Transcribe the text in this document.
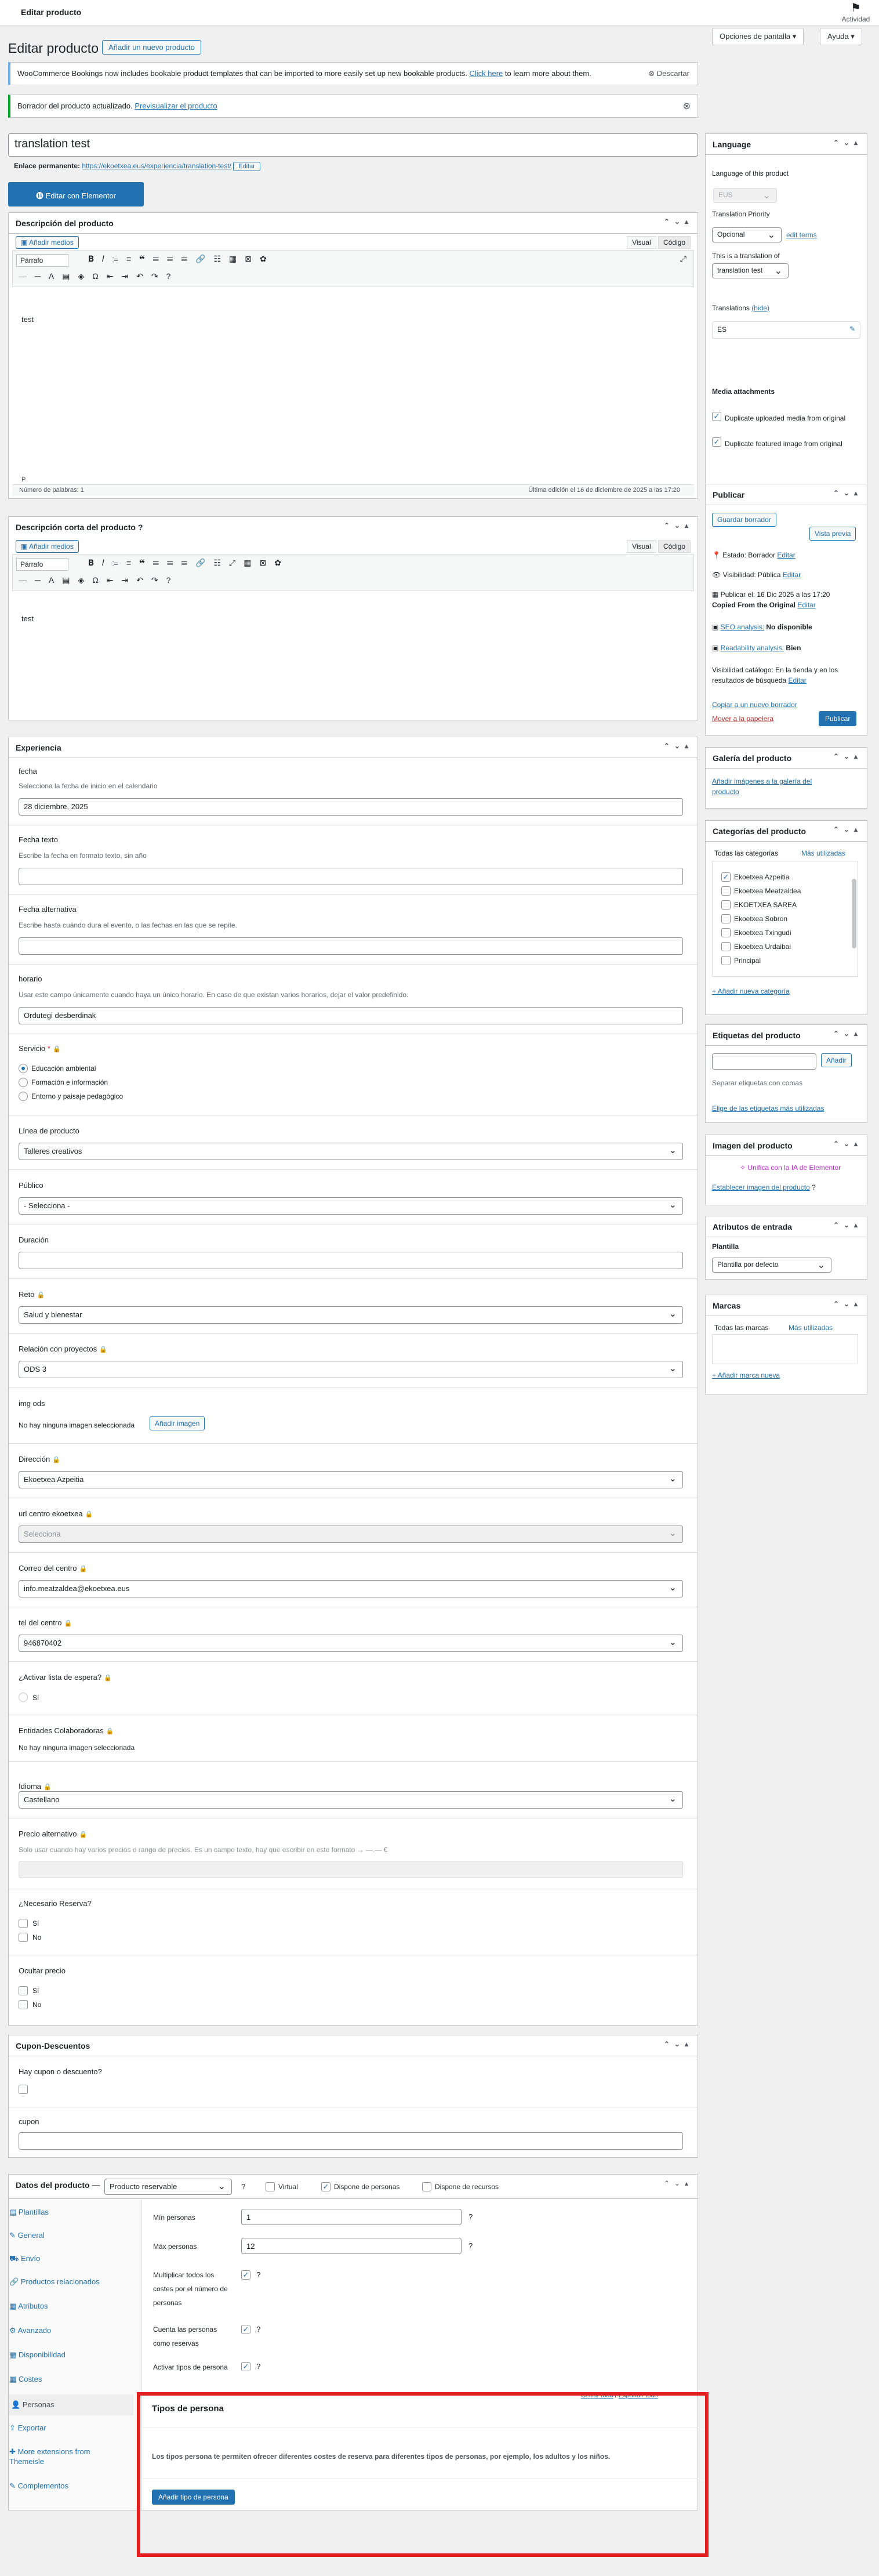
Editar producto	⚑
Actividad
Opciones de pantalla ▾	Ayuda ▾
Editar producto	Añadir un nuevo producto
WooCommerce Bookings now includes bookable product templates that can be imported to more easily set up new bookable products. Click here to learn more about them.	⊗ Descartar
Borrador del producto actualizado. Previsualizar el producto	⊗
translation test
Enlace permanente: https://ekoetxea.eus/experiencia/translation-test/ Editar
⓮ Editar con Elementor
Descripción del producto	⌃⌄▴
▣ Añadir medios	Visual Código
Párrafo	𝐁𝐼≔≡❝☰☰☰🔗☷▦⊠✿
―─A▤◈Ω⇤⇥↶↷?
⤢
test
P
Número de palabras: 1	Última edición el 16 de diciembre de 2025 a las 17:20
Descripción corta del producto ?	⌃⌄▴
▣ Añadir medios	Visual Código
Párrafo	𝐁𝐼≔≡❝☰☰☰🔗☷⤢▦⊠✿
―─A▤◈Ω⇤⇥↶↷?
test
Experiencia	⌃⌄▴
fecha
Selecciona la fecha de inicio en el calendario
28 diciembre, 2025
Fecha texto
Escribe la fecha en formato texto, sin año
Fecha alternativa
Escribe hasta cuándo dura el evento, o las fechas en las que se repite.
horario
Usar este campo únicamente cuando haya un único horario. En caso de que existan varios horarios, dejar el valor predefinido.
Ordutegi desberdinak
Servicio * 🔒
Educación ambiental
Formación e información
Entorno y paisaje pedagógico
Línea de producto
Talleres creativos ⌄
Público
- Selecciona - ⌄
Duración
Reto 🔒
Salud y bienestar ⌄
Relación con proyectos 🔒
ODS 3 ⌄
img ods
No hay ninguna imagen seleccionada	Añadir imagen
Dirección 🔒
Ekoetxea Azpeitia ⌄
url centro ekoetxea 🔒
Selecciona ⌄
Correo del centro 🔒
info.meatzaldea@ekoetxea.eus ⌄
tel del centro 🔒
946870402 ⌄
¿Activar lista de espera? 🔒
Sí
Entidades Colaboradoras 🔒
No hay ninguna imagen seleccionada
Idioma 🔒
Castellano ⌄
Precio alternativo 🔒
Solo usar cuando hay varios precios o rango de precios. Es un campo texto, hay que escribir en este formato → —.— €
¿Necesario Reserva?
Sí
No
Ocultar precio
Sí
No
Cupon-Descuentos	⌃⌄▴
Hay cupon o descuento?
cupon
Datos del producto —	⌃⌄▴
Producto reservable ⌄	?	Virtual	✓ Dispone de personas	Dispone de recursos
▤ Plantillas
✎ General
⛟ Envío
🔗 Productos relacionados
▦ Atributos
⚙ Avanzado
▦ Disponibilidad
▦ Costes
👤 Personas
⇪ Exportar
✚ More extensions from Themeisle
✎ Complementos
Mín personas	1	?
Máx personas	12	?
Multiplicar todos los costes por el número de personas
✓ ?
Cuenta las personas como reservas
✓ ?
Activar tipos de persona ✓ ?
Cerrar todo / Expandir todo
Tipos de persona
Los tipos persona te permiten ofrecer diferentes costes de reserva para diferentes tipos de personas, por ejemplo, los adultos y los niños.
Añadir tipo de persona
Language	⌃⌄▴
Language of this product
EUS ⌄
Translation Priority
Opcional ⌄	edit terms
This is a translation of
translation test ⌄
Translations (hide)
ES	✎
Media attachments
✓ Duplicate uploaded media from original
✓ Duplicate featured image from original
Publicar	⌃⌄▴
Guardar borrador
Vista previa
📍 Estado: Borrador Editar
👁 Visibilidad: Pública Editar
▦ Publicar el: 16 Dic 2025 a las 17:20
Copied From the Original Editar
▣ SEO analysis: No disponible
▣ Readability analysis: Bien
Visibilidad catálogo: En la tienda y en los resultados de búsqueda Editar
Copiar a un nuevo borrador
Mover a la papelera	Publicar
Galería del producto	⌃⌄▴
Añadir imágenes a la galería del producto
Categorías del producto	⌃⌄▴
Todas las categorías	Más utilizadas
✓ Ekoetxea Azpeitia
Ekoetxea Meatzaldea
EKOETXEA SAREA
Ekoetxea Sobron
Ekoetxea Txingudi
Ekoetxea Urdaibai
Principal
+ Añadir nueva categoría
Etiquetas del producto	⌃⌄▴
Añadir
Separar etiquetas con comas
Elige de las etiquetas más utilizadas
Imagen del producto	⌃⌄▴
✧ Unifica con la IA de Elementor
Establecer imagen del producto ?
Atributos de entrada	⌃⌄▴
Plantilla
Plantilla por defecto ⌄
Marcas	⌃⌄▴
Todas las marcas	Más utilizadas
+ Añadir marca nueva
